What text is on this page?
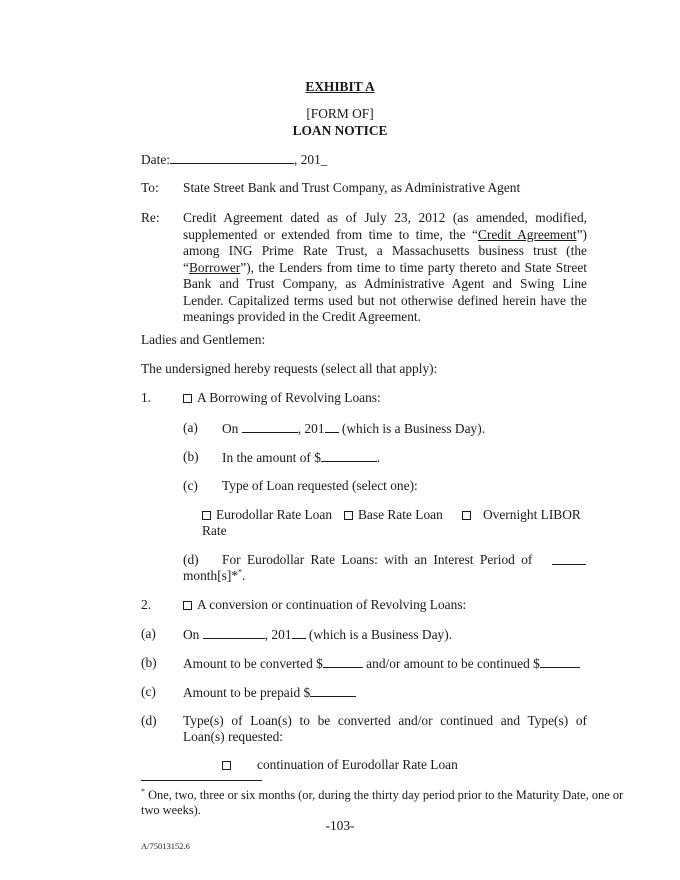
EXHIBIT A
[FORM OF]
LOAN NOTICE
Date:	, 201_
To: State Street Bank and Trust Company, as Administrative Agent
Re: Credit Agreement dated as of July 23, 2012 (as amended, modified, supplemented or extended from time to time, the “Credit Agreement”) among ING Prime Rate Trust, a Massachusetts business trust (the “Borrower”), the Lenders from time to time party thereto and State Street Bank and Trust Company, as Administrative Agent and Swing Line Lender. Capitalized terms used but not otherwise defined herein have the meanings provided in the Credit Agreement.
Ladies and Gentlemen:
The undersigned hereby requests (select all that apply):
1.	A Borrowing of Revolving Loans:
(a) On	, 201 (which is a Business Day).
(b) In the amount of $	.
(c) Type of Loan requested (select one):
Eurodollar Rate Loan	Base Rate Loan	Overnight LIBOR
Rate
(d) For Eurodollar Rate Loans: with an Interest Period of
month[s]**.
2.	A conversion or continuation of Revolving Loans:
(a) On	, 201 (which is a Business Day).
(b) Amount to be converted $	and/or amount to be continued $
(c) Amount to be prepaid $
(d) Type(s) of Loan(s) to be converted and/or continued and Type(s) of
Loan(s) requested:
continuation of Eurodollar Rate Loan
* One, two, three or six months (or, during the thirty day period prior to the Maturity Date, one or
two weeks).
-103-
A/75013152.6
